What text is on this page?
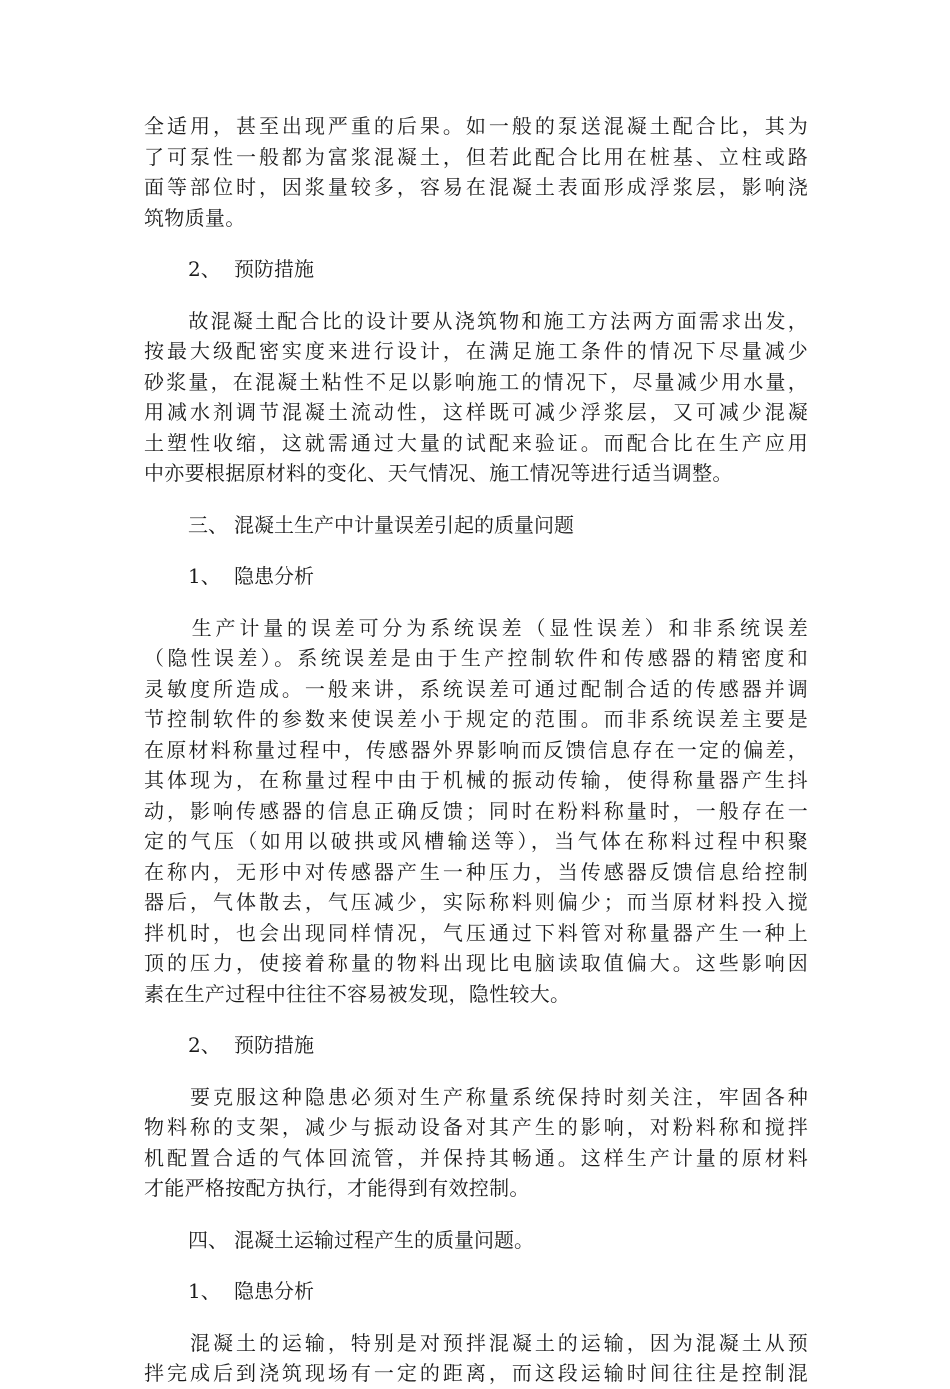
全适用，甚至出现严重的后果。如一般的泵送混凝土配合比，其为
了可泵性一般都为富浆混凝土，但若此配合比用在桩基、立柱或路
面等部位时，因浆量较多，容易在混凝土表面形成浮浆层，影响浇
筑物质量。
2、 预防措施
　　故混凝土配合比的设计要从浇筑物和施工方法两方面需求出发，
按最大级配密实度来进行设计，在满足施工条件的情况下尽量减少
砂浆量，在混凝土粘性不足以影响施工的情况下，尽量减少用水量，
用减水剂调节混凝土流动性，这样既可减少浮浆层，又可减少混凝
土塑性收缩，这就需通过大量的试配来验证。而配合比在生产应用
中亦要根据原材料的变化、天气情况、施工情况等进行适当调整。
三、 混凝土生产中计量误差引起的质量问题
1、 隐患分析
　　生产计量的误差可分为系统误差（显性误差）和非系统误差
（隐性误差）。系统误差是由于生产控制软件和传感器的精密度和
灵敏度所造成。一般来讲，系统误差可通过配制合适的传感器并调
节控制软件的参数来使误差小于规定的范围。而非系统误差主要是
在原材料称量过程中，传感器外界影响而反馈信息存在一定的偏差，
其体现为，在称量过程中由于机械的振动传输，使得称量器产生抖
动，影响传感器的信息正确反馈；同时在粉料称量时，一般存在一
定的气压（如用以破拱或风槽输送等），当气体在称料过程中积聚
在称内，无形中对传感器产生一种压力，当传感器反馈信息给控制
器后，气体散去，气压减少，实际称料则偏少；而当原材料投入搅
拌机时，也会出现同样情况，气压通过下料管对称量器产生一种上
顶的压力，使接着称量的物料出现比电脑读取值偏大。这些影响因
素在生产过程中往往不容易被发现，隐性较大。
2、 预防措施
　　要克服这种隐患必须对生产称量系统保持时刻关注，牢固各种
物料称的支架，减少与振动设备对其产生的影响，对粉料称和搅拌
机配置合适的气体回流管，并保持其畅通。这样生产计量的原材料
才能严格按配方执行，才能得到有效控制。
四、 混凝土运输过程产生的质量问题。
1、 隐患分析
　　混凝土的运输，特别是对预拌混凝土的运输，因为混凝土从预
拌完成后到浇筑现场有一定的距离，而这段运输时间往往是控制混
